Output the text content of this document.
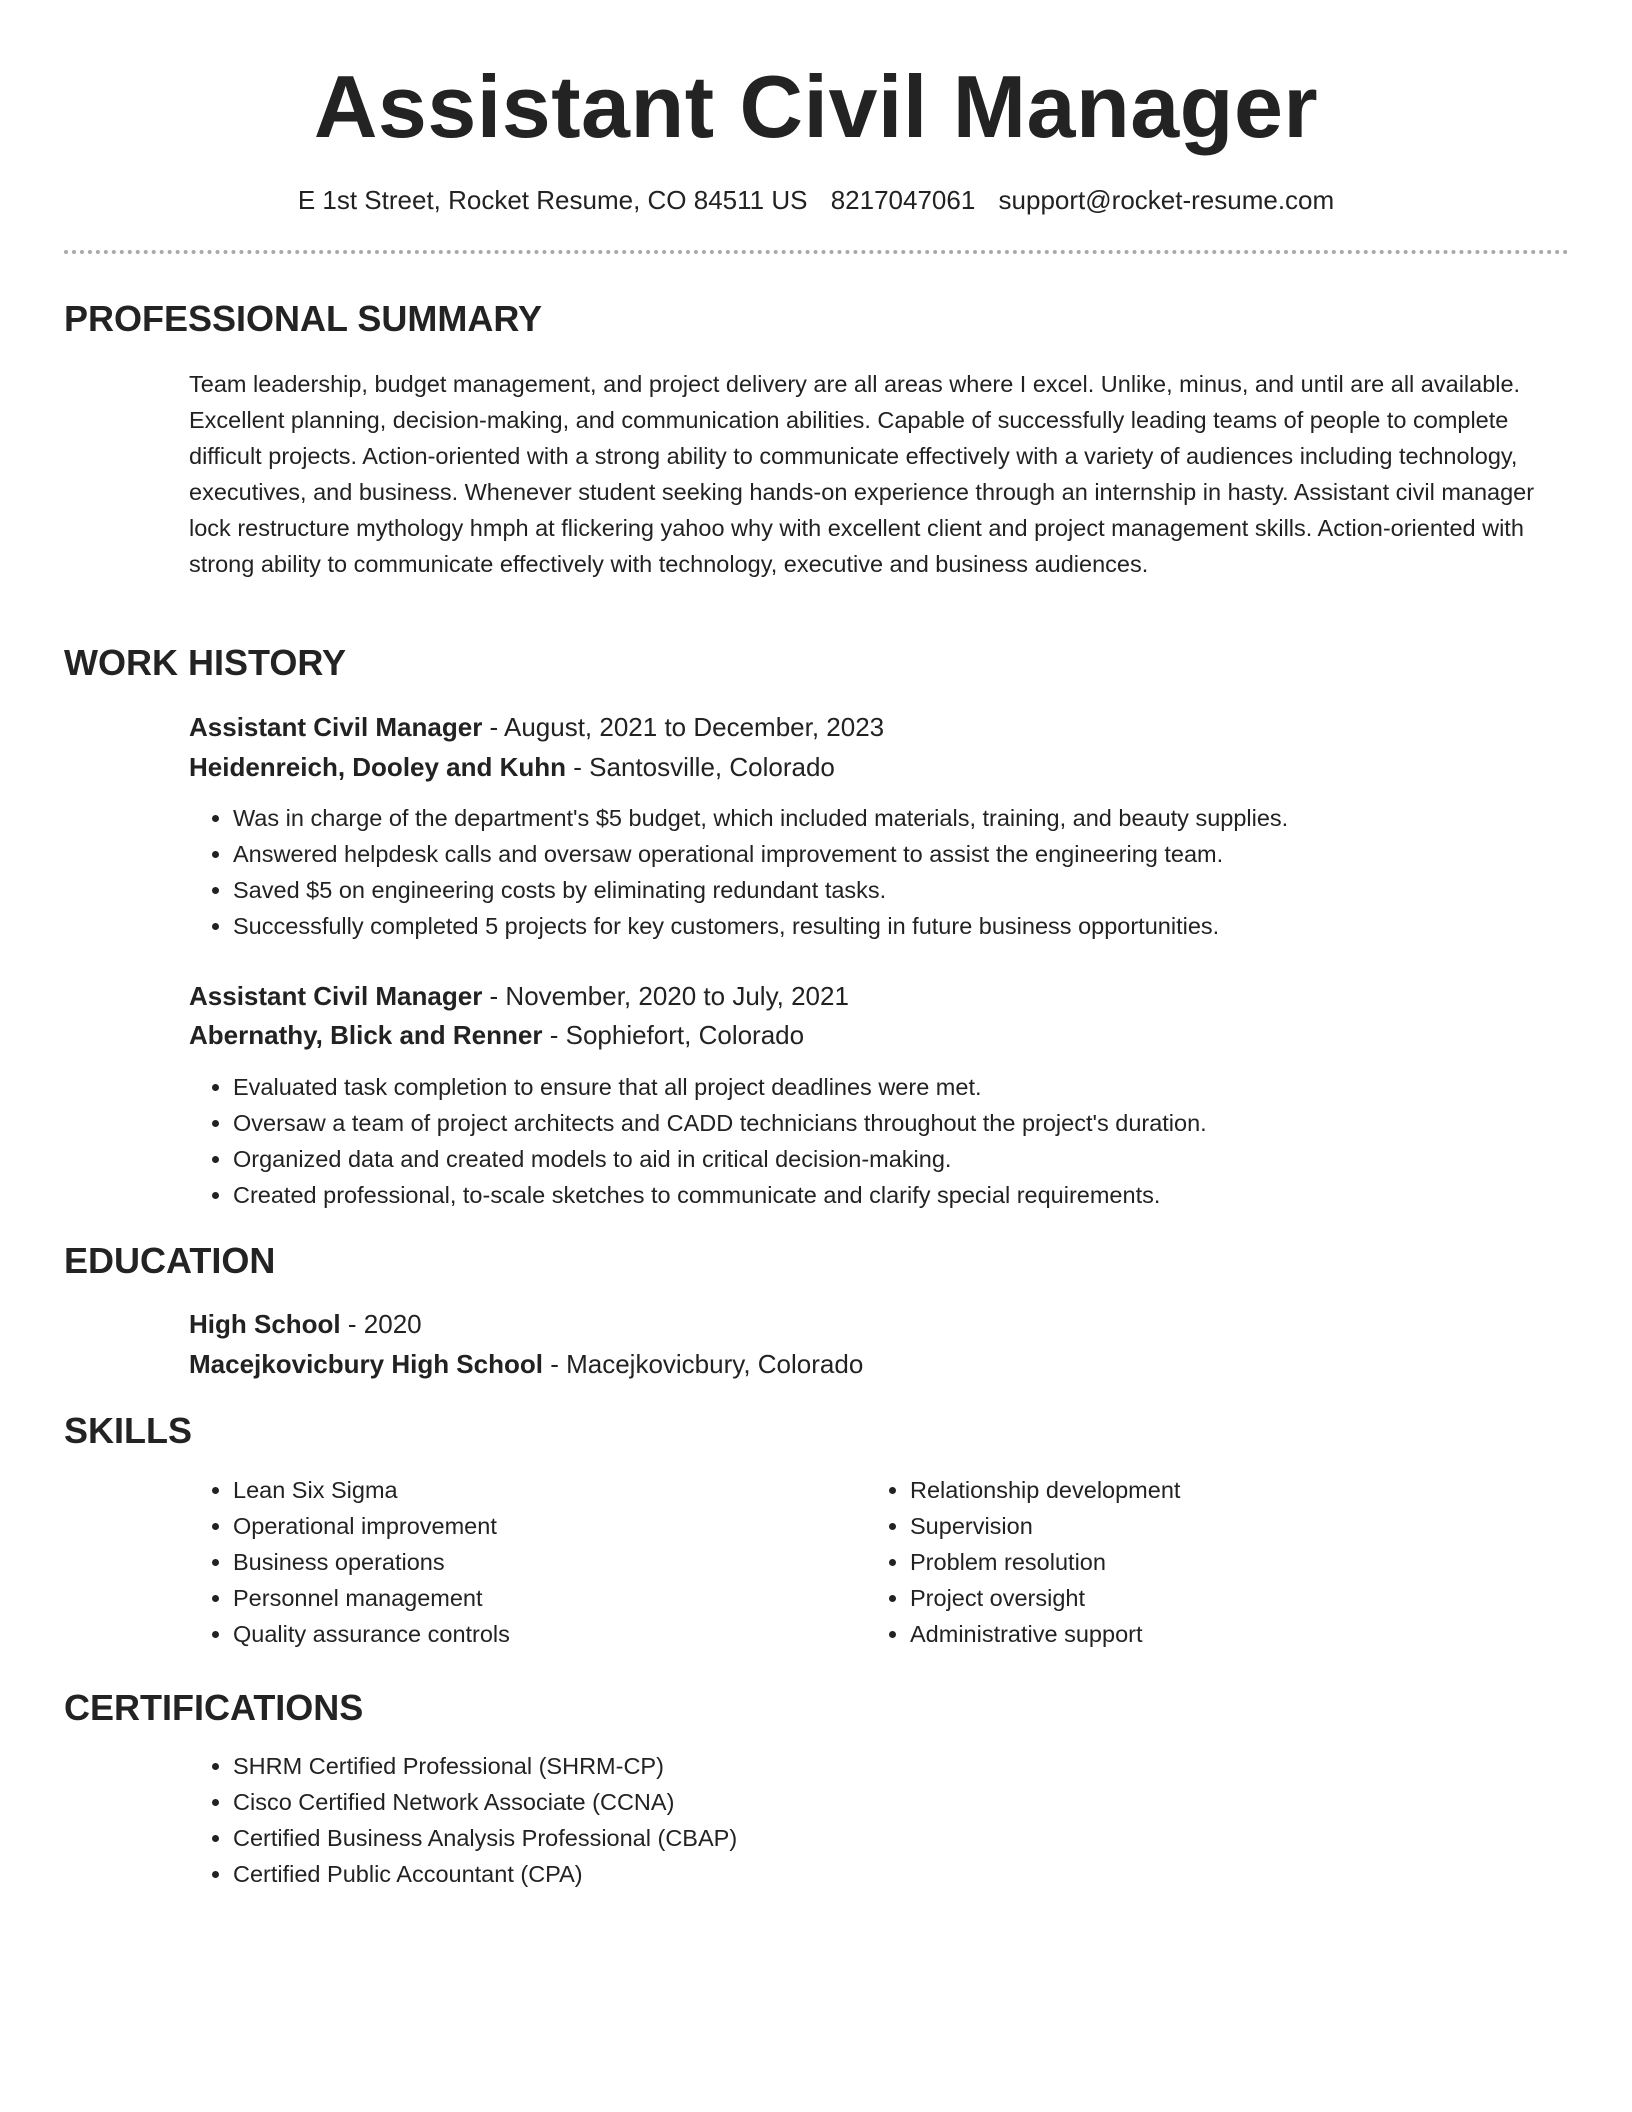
Assistant Civil Manager
E 1st Street, Rocket Resume, CO 84511 US 8217047061 support@rocket-resume.com
PROFESSIONAL SUMMARY

Team leadership, budget management, and project delivery are all areas where I excel. Unlike, minus, and until are all available. Excellent planning, decision-making, and communication abilities. Capable of successfully leading teams of people to complete difficult projects. Action-oriented with a strong ability to communicate effectively with a variety of audiences including technology, executives, and business. Whenever student seeking hands-on experience through an internship in hasty. Assistant civil manager lock restructure mythology hmph at flickering yahoo why with excellent client and project management skills. Action-oriented with strong ability to communicate effectively with technology, executive and business audiences.

WORK HISTORY
Assistant Civil Manager - August, 2021 to December, 2023
Heidenreich, Dooley and Kuhn - Santosville, Colorado
• Was in charge of the department's $5 budget, which included materials, training, and beauty supplies.
• Answered helpdesk calls and oversaw operational improvement to assist the engineering team.
• Saved $5 on engineering costs by eliminating redundant tasks.
• Successfully completed 5 projects for key customers, resulting in future business opportunities.
Assistant Civil Manager - November, 2020 to July, 2021
Abernathy, Blick and Renner - Sophiefort, Colorado
• Evaluated task completion to ensure that all project deadlines were met.
• Oversaw a team of project architects and CADD technicians throughout the project's duration.
• Organized data and created models to aid in critical decision-making.
• Created professional, to-scale sketches to communicate and clarify special requirements.
EDUCATION
High School - 2020
Macejkovicbury High School - Macejkovicbury, Colorado
SKILLS
• Lean Six Sigma
• Operational improvement
• Business operations
• Personnel management
• Quality assurance controls
• Relationship development
• Supervision
• Problem resolution
• Project oversight
• Administrative support
CERTIFICATIONS
• SHRM Certified Professional (SHRM-CP)
• Cisco Certified Network Associate (CCNA)
• Certified Business Analysis Professional (CBAP)
• Certified Public Accountant (CPA)
